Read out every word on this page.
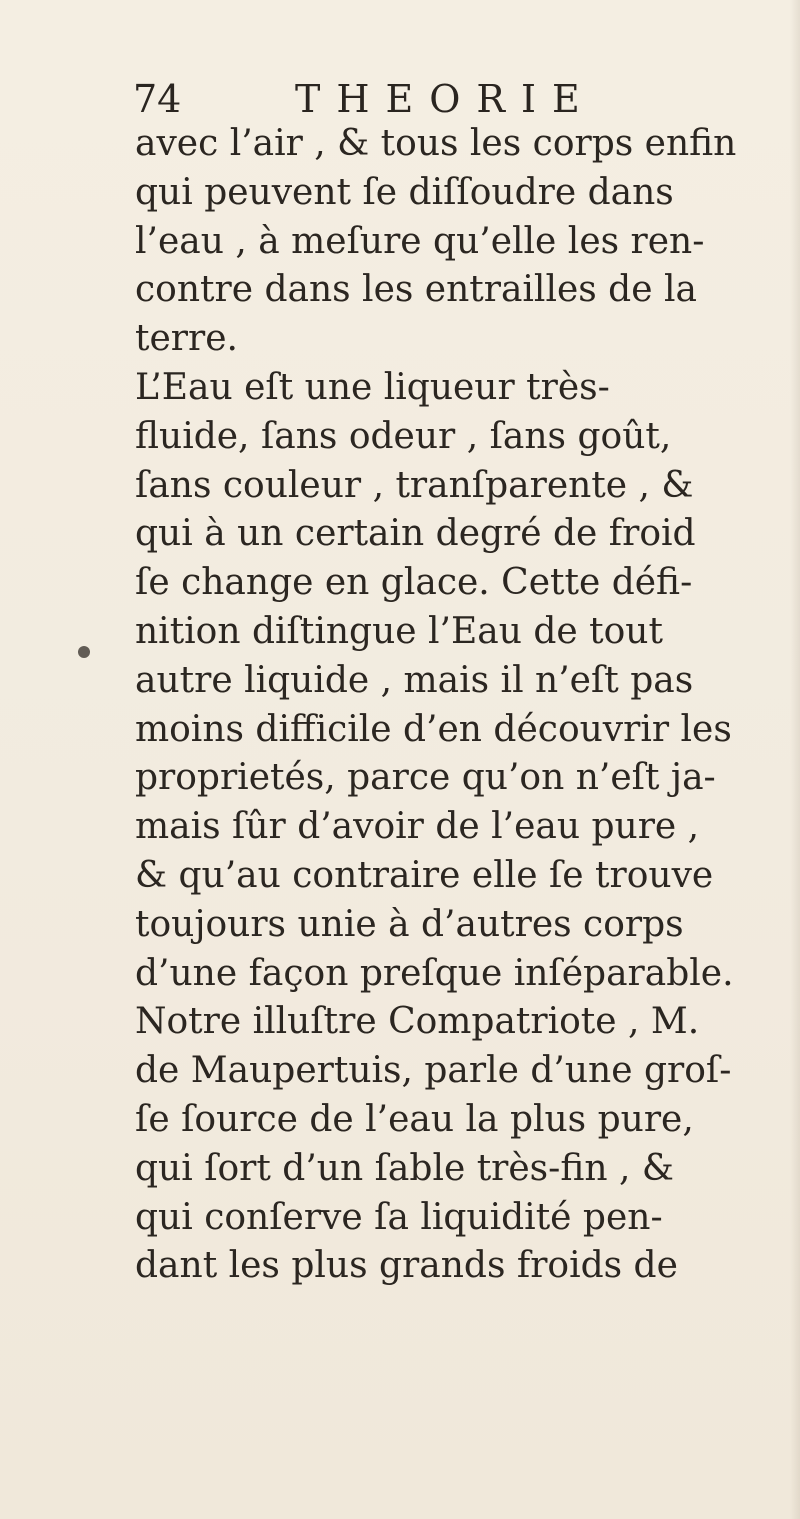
74	THEORIE
avec l’air , & tous les corps enfin
qui peuvent ſe diſſoudre dans
l’eau , à meſure qu’elle les ren-
contre dans les entrailles de la
terre.
L’Eau eſt une liqueur très-
fluide, ſans odeur , ſans goût,
ſans couleur , tranſparente , &
qui à un certain degré de froid
ſe change en glace. Cette défi-
nition diſtingue l’Eau de tout
autre liquide , mais il n’eſt pas
moins difficile d’en découvrir les
proprietés, parce qu’on n’eſt ja-
mais ſûr d’avoir de l’eau pure ,
& qu’au contraire elle ſe trouve
toujours unie à d’autres corps
d’une façon preſque inſéparable.
Notre illuſtre Compatriote , M.
de Maupertuis, parle d’une groſ-
ſe ſource de l’eau la plus pure,
qui ſort d’un ſable très-fin , &
qui conſerve ſa liquidité pen-
dant les plus grands froids de
